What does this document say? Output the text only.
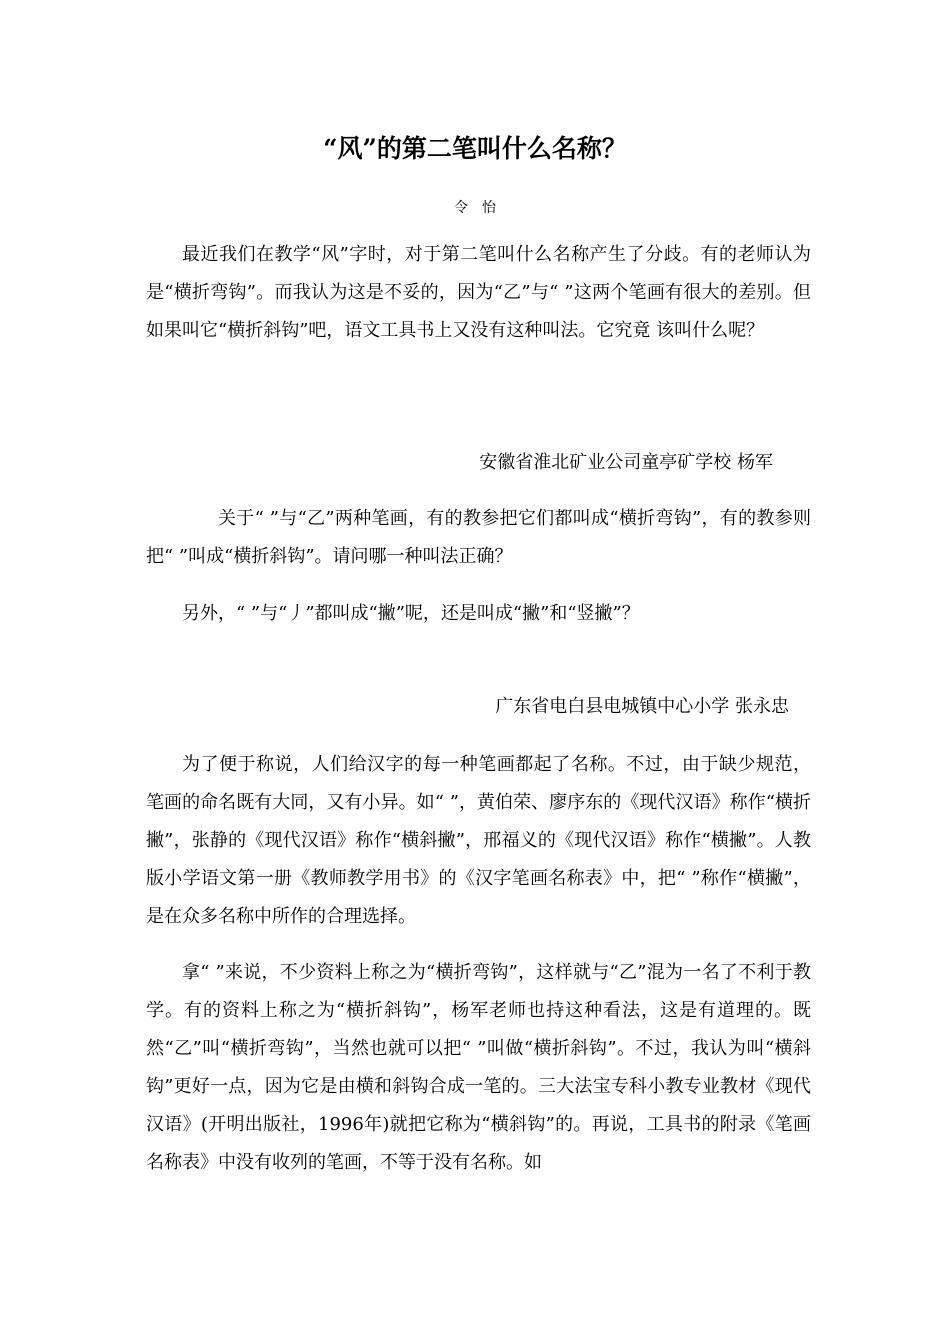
“风”的第二笔叫什么名称？
令怡

最近我们在教学“风”字时，对于第二笔叫什么名称产生了分歧。有的老师认为是“横折弯钩”。而我认为这是不妥的，因为“乙”与“ ”这两个笔画有很大的差别。但如果叫它“横折斜钩”吧，语文工具书上又没有这种叫法。它究竟 该叫什么呢？

安徽省淮北矿业公司童亭矿学校 杨军

关于“ ”与“乙”两种笔画，有的教参把它们都叫成“横折弯钩”，有的教参则把“ ”叫成“横折斜钩”。请问哪一种叫法正确？

另外，“ ”与“丿”都叫成“撇”呢，还是叫成“撇”和“竖撇”？

广东省电白县电城镇中心小学 张永忠

为了便于称说，人们给汉字的每一种笔画都起了名称。不过，由于缺少规范，笔画的命名既有大同，又有小异。如“ ”，黄伯荣、廖序东的《现代汉语》称作“横折撇”，张静的《现代汉语》称作“横斜撇”，邢福义的《现代汉语》称作“横撇”。人教版小学语文第一册《教师教学用书》的《汉字笔画名称表》中，把“ ”称作“横撇”，是在众多名称中所作的合理选择。

拿“ ”来说，不少资料上称之为“横折弯钩”，这样就与“乙”混为一名了不利于教学。有的资料上称之为“横折斜钩”，杨军老师也持这种看法，这是有道理的。既然“乙”叫“横折弯钩”，当然也就可以把“ ”叫做“横折斜钩”。不过，我认为叫“横斜钩”更好一点，因为它是由横和斜钩合成一笔的。三大法宝专科小教专业教材《现代汉语》(开明出版社，1996年)就把它称为“横斜钩”的。再说，工具书的附录《笔画名称表》中没有收列的笔画，不等于没有名称。如
